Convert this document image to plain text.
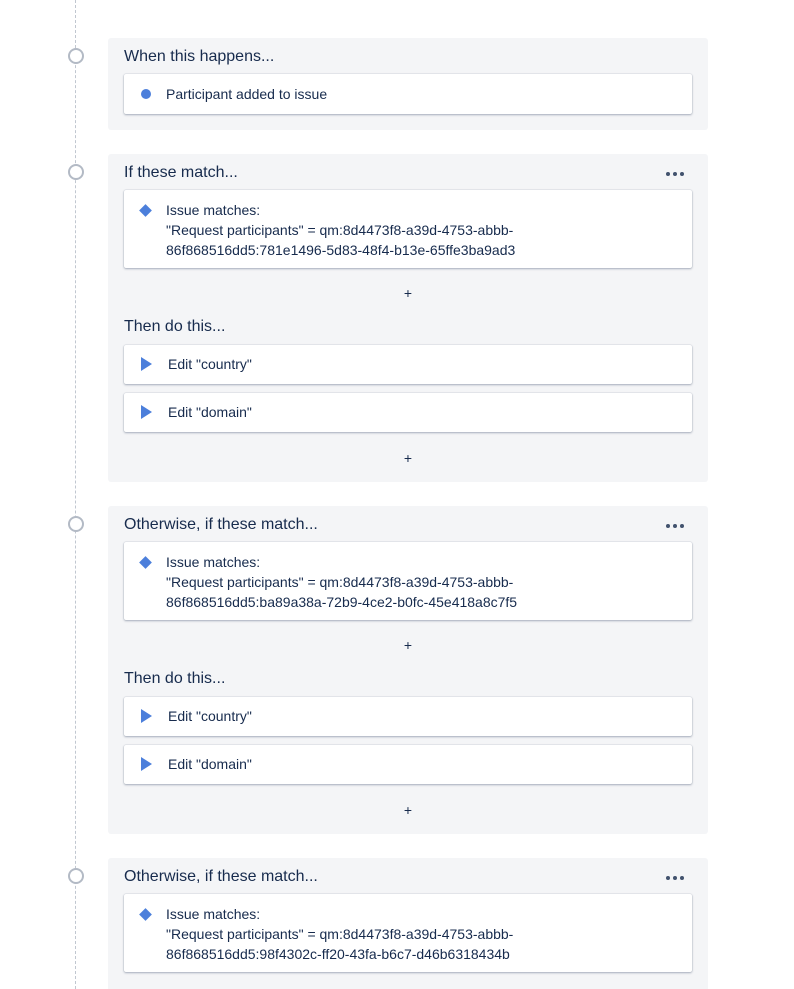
When this happens...
Participant added to issue
If these match...
Issue matches:
"Request participants" = qm:8d4473f8-a39d-4753-abbb-
86f868516dd5:781e1496-5d83-48f4-b13e-65ffe3ba9ad3
+
Then do this...
Edit "country"
Edit "domain"
+
Otherwise, if these match...
Issue matches:
"Request participants" = qm:8d4473f8-a39d-4753-abbb-
86f868516dd5:ba89a38a-72b9-4ce2-b0fc-45e418a8c7f5
+
Then do this...
Edit "country"
Edit "domain"
+
Otherwise, if these match...
Issue matches:
"Request participants" = qm:8d4473f8-a39d-4753-abbb-
86f868516dd5:98f4302c-ff20-43fa-b6c7-d46b6318434b
